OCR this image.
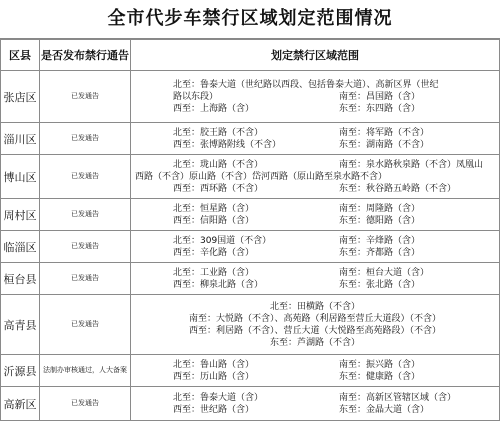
全市代步车禁行区域划定范围情况
区县	是否发布禁行通告	划定禁行区域范围
张店区	已发通告	北至：鲁泰大道（世纪路以西段、包括鲁泰大道）、高新区界（世纪
路以东段） 南至：昌国路（含）
西至：上海路（含） 东至：东四路（含）

淄川区	已发通告	北至：胶王路（不含） 南至：将军路（不含）
西至：张博路附线（不含） 东至：湖南路（不含）

博山区	已发通告	北至：珑山路（不含） 南至：泉水路秋泉路（不含）凤凰山
西路（不含）原山路（不含）岱河西路（原山路至泉水路不含）
西至：西环路（不含） 东至：秋谷路五岭路（不含）

周村区	已发通告	北至：恒星路（含） 南至：周隆路（含）
西至：信阳路（含） 东至：德阳路（含）

临淄区	已发通告	北至：309国道（不含） 南至：辛烽路（含）
西至：辛化路（含） 东至：齐都路（含）

桓台县	已发通告	北至：工业路（含） 南至：桓台大道（含）
西至：柳泉北路（含） 东至：张北路（含）

高青县	已发通告	北至：田横路（不含）
南至：大悦路（不含）、高苑路（利居路至营丘大道段）（不含）
西至：利居路（不含）、营丘大道（大悦路至高苑路段）（不含）
东至：芦湖路（不含）

沂源县	法制办审核通过，人大备案	北至：鲁山路（含） 南至：振兴路（含）
西至：历山路（含） 东至：健康路（含）

高新区	已发通告	北至：鲁泰大道（含） 南至：高新区管辖区域（含）
西至：世纪路（含） 东至：金晶大道（含）
